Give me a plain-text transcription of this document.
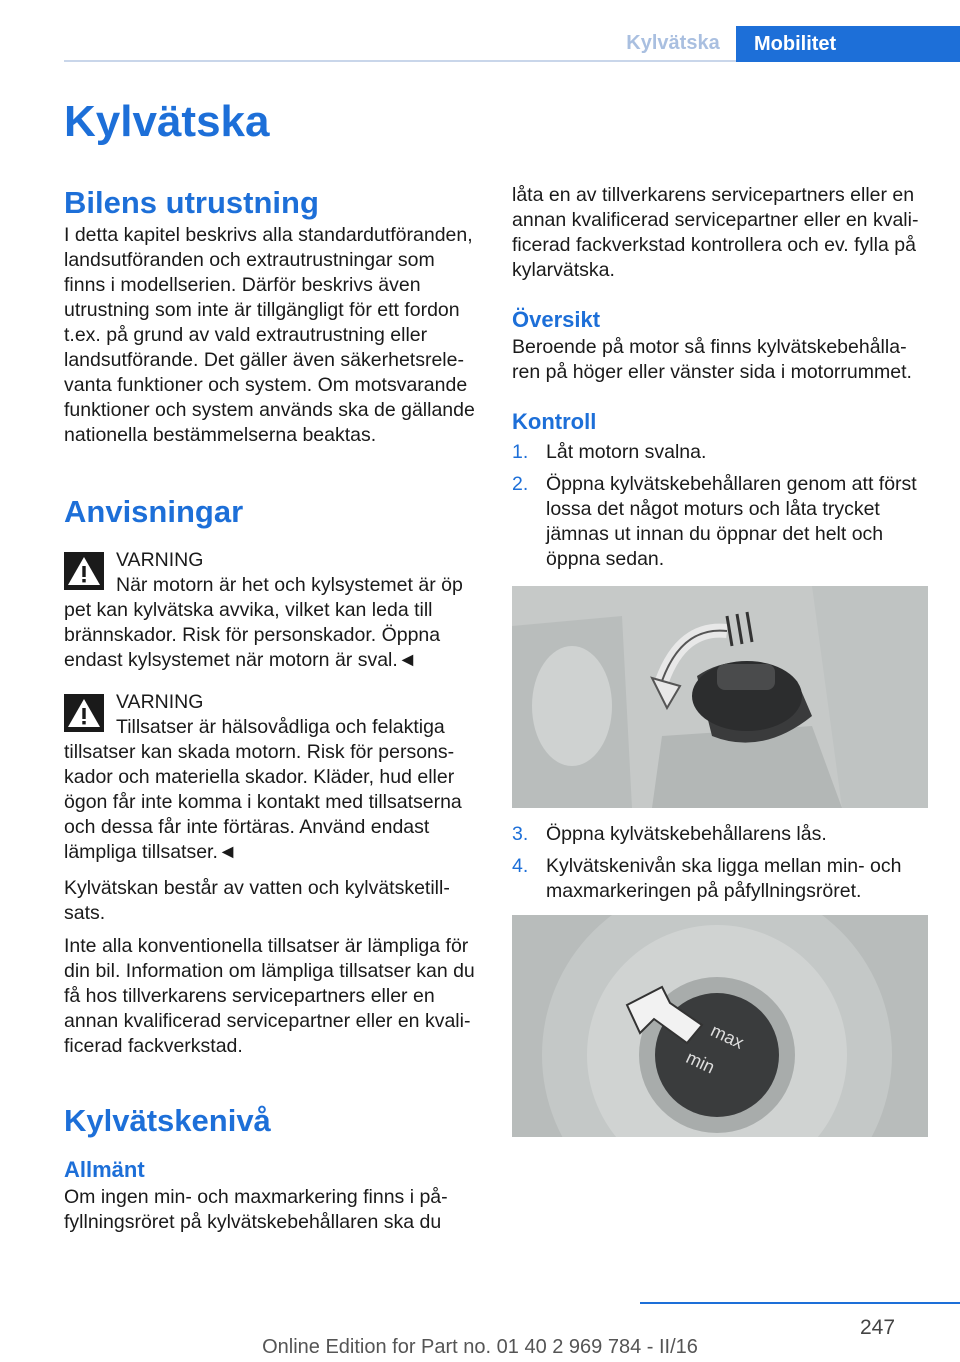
Kylvätska	Mobilitet
Kylvätska
Bilens utrustning

I detta kapitel beskrivs alla standardutföranden, landsutföranden och extrautrustningar som finns i modellserien. Därför beskrivs även utrustning som inte är tillgängligt för ett fordon t.ex. på grund av vald extrautrustning eller landsutförande. Det gäller även säkerhetsrelevanta funktioner och system. Om motsvarande funktioner och system används ska de gällande nationella bestämmelserna beaktas.

Anvisningar

VARNING

När motorn är het och kylsystemet är öp

pet kan kylvätska avvika, vilket kan leda till brännskador. Risk för personskador. Öppna endast kylsystemet när motorn är sval.◄

VARNING

Tillsatser är hälsovådliga och felaktiga

tillsatser kan skada motorn. Risk för personskador och materiella skador. Kläder, hud eller ögon får inte komma i kontakt med tillsatserna och dessa får inte förtäras. Använd endast lämpliga tillsatser.◄

Kylvätskan består av vatten och kylvätsketillsats.

Inte alla konventionella tillsatser är lämpliga för din bil. Information om lämpliga tillsatser kan du få hos tillverkarens servicepartners eller en annan kvalificerad servicepartner eller en kvalificerad fackverkstad.

Kylvätskenivå
Allmänt

Om ingen min- och maxmarkering finns i påfyllningsröret på kylvätskebehållaren ska du

låta en av tillverkarens servicepartners eller en annan kvalificerad servicepartner eller en kvalificerad fackverkstad kontrollera och ev. fylla på kylarvätska.

Översikt

Beroende på motor så finns kylvätskebehållaren på höger eller vänster sida i motorrummet.

Kontroll
1. Låt motorn svalna.
2. Öppna kylvätskebehållaren genom att först lossa det något moturs och låta trycket jämnas ut innan du öppnar det helt och öppna sedan.
3. Öppna kylvätskebehållarens lås.
4. Kylvätskenivån ska ligga mellan min- och maxmarkeringen på påfyllningsröret.
max
min
247
Online Edition for Part no. 01 40 2 969 784 - II/16
